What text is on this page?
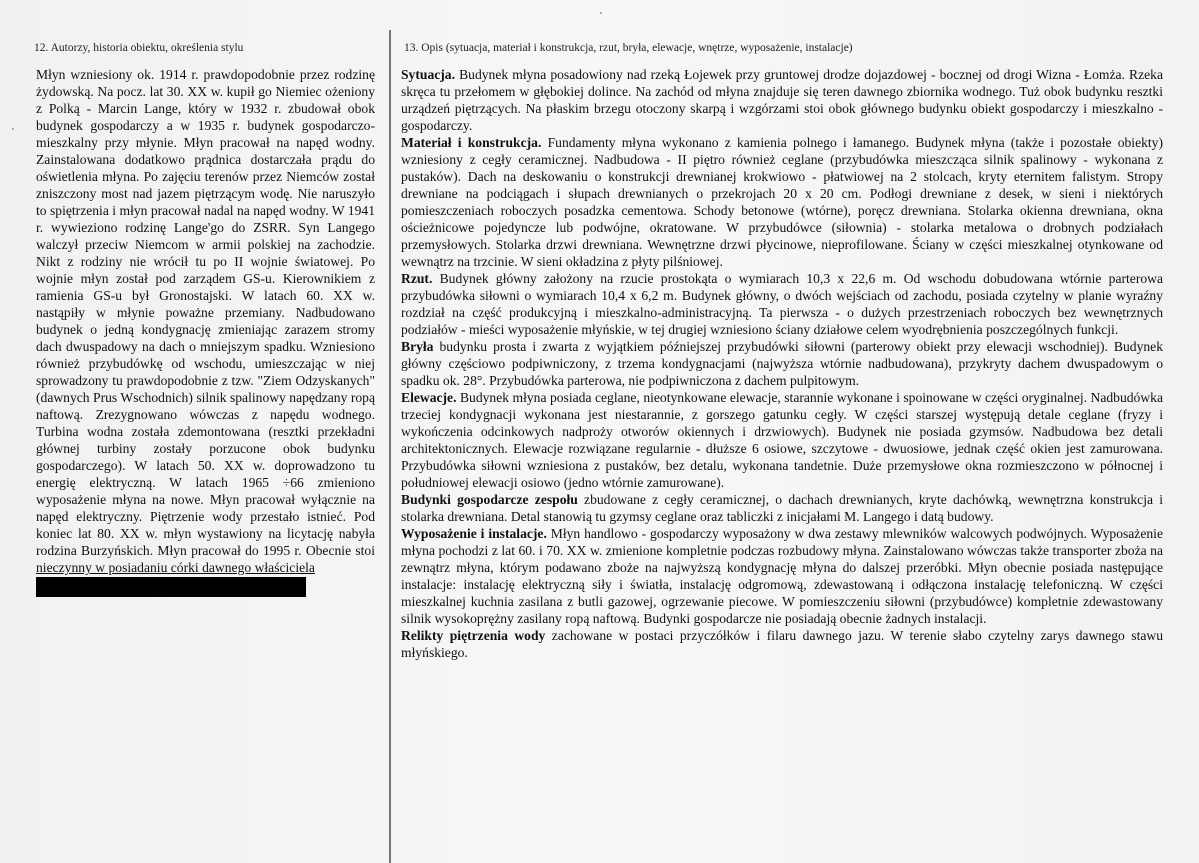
12. Autorzy, historia obiektu, określenia stylu	13. Opis (sytuacja, materiał i konstrukcja, rzut, bryła, elewacje, wnętrze, wyposażenie, instalacje)

Młyn wzniesiony ok. 1914 r. prawdopodobnie przez rodzinę żydowską. Na pocz. lat 30. XX w. kupił go Niemiec ożeniony z Polką - Marcin Lange, który w 1932 r. zbudował obok budynek gospodarczy a w 1935 r. budynek gospodarczo-mieszkalny przy młynie. Młyn pracował na napęd wodny. Zainstalowana dodatkowo prądnica dostarczała prądu do oświetlenia młyna. Po zajęciu terenów przez Niemców został zniszczony most nad jazem piętrzącym wodę. Nie naruszyło to spiętrzenia i młyn pracował nadal na napęd wodny. W 1941 r. wywieziono rodzinę Lange'go do ZSRR. Syn Langego walczył przeciw Niemcom w armii polskiej na zachodzie. Nikt z rodziny nie wrócił tu po II wojnie światowej. Po wojnie młyn został pod zarządem GS-u. Kierownikiem z ramienia GS-u był Gronostajski. W latach 60. XX w. nastąpiły w młynie poważne przemiany. Nadbudowano budynek o jedną kondygnację zmieniając zarazem stromy dach dwuspadowy na dach o mniejszym spadku. Wzniesiono również przybudówkę od wschodu, umieszczając w niej sprowadzony tu prawdopodobnie z tzw. "Ziem Odzyskanych" (dawnych Prus Wschodnich) silnik spalinowy napędzany ropą naftową. Zrezygnowano wówczas z napędu wodnego. Turbina wodna została zdemontowana (resztki przekładni głównej turbiny zostały porzucone obok budynku gospodarczego). W latach 50. XX w. doprowadzono tu energię elektryczną. W latach 1965 ÷66 zmieniono wyposażenie młyna na nowe. Młyn pracował wyłącznie na napęd elektryczny. Piętrzenie wody przestało istnieć. Pod koniec lat 80. XX w. młyn wystawiony na licytację nabyła rodzina Burzyńskich. Młyn pracował do 1995 r. Obecnie stoi nieczynny w posiadaniu córki dawnego właściciela

Sytuacja. Budynek młyna posadowiony nad rzeką Łojewek przy gruntowej drodze dojazdowej - bocznej od drogi Wizna - Łomża. Rzeka skręca tu przełomem w głębokiej dolince. Na zachód od młyna znajduje się teren dawnego zbiornika wodnego. Tuż obok budynku resztki urządzeń piętrzących. Na płaskim brzegu otoczony skarpą i wzgórzami stoi obok głównego budynku obiekt gospodarczy i mieszkalno - gospodarczy.

Materiał i konstrukcja. Fundamenty młyna wykonano z kamienia polnego i łamanego. Budynek młyna (także i pozostałe obiekty) wzniesiony z cegły ceramicznej. Nadbudowa - II piętro również ceglane (przybudówka mieszcząca silnik spalinowy - wykonana z pustaków). Dach na deskowaniu o konstrukcji drewnianej krokwiowo - płatwiowej na 2 stolcach, kryty eternitem falistym. Stropy drewniane na podciągach i słupach drewnianych o przekrojach 20 x 20 cm. Podłogi drewniane z desek, w sieni i niektórych pomieszczeniach roboczych posadzka cementowa. Schody betonowe (wtórne), poręcz drewniana. Stolarka okienna drewniana, okna ościeżnicowe pojedyncze lub podwójne, okratowane. W przybudówce (siłownia) - stolarka metalowa o drobnych podziałach przemysłowych. Stolarka drzwi drewniana. Wewnętrzne drzwi płycinowe, nieprofilowane. Ściany w części mieszkalnej otynkowane od wewnątrz na trzcinie. W sieni okładzina z płyty pilśniowej.

Rzut. Budynek główny założony na rzucie prostokąta o wymiarach 10,3 x 22,6 m. Od wschodu dobudowana wtórnie parterowa przybudówka siłowni o wymiarach 10,4 x 6,2 m. Budynek główny, o dwóch wejściach od zachodu, posiada czytelny w planie wyraźny rozdział na część produkcyjną i mieszkalno-administracyjną. Ta pierwsza - o dużych przestrzeniach roboczych bez wewnętrznych podziałów - mieści wyposażenie młyńskie, w tej drugiej wzniesiono ściany działowe celem wyodrębnienia poszczególnych funkcji.

Bryła budynku prosta i zwarta z wyjątkiem późniejszej przybudówki siłowni (parterowy obiekt przy elewacji wschodniej). Budynek główny częściowo podpiwniczony, z trzema kondygnacjami (najwyższa wtórnie nadbudowana), przykryty dachem dwuspadowym o spadku ok. 28°. Przybudówka parterowa, nie podpiwniczona z dachem pulpitowym.

Elewacje. Budynek młyna posiada ceglane, nieotynkowane elewacje, starannie wykonane i spoinowane w części oryginalnej. Nadbudówka trzeciej kondygnacji wykonana jest niestarannie, z gorszego gatunku cegły. W części starszej występują detale ceglane (fryzy i wykończenia odcinkowych nadproży otworów okiennych i drzwiowych). Budynek nie posiada gzymsów. Nadbudowa bez detali architektonicznych. Elewacje rozwiązane regularnie - dłuższe 6 osiowe, szczytowe - dwuosiowe, jednak część okien jest zamurowana. Przybudówka siłowni wzniesiona z pustaków, bez detalu, wykonana tandetnie. Duże przemysłowe okna rozmieszczono w północnej i południowej elewacji osiowo (jedno wtórnie zamurowane).

Budynki gospodarcze zespołu zbudowane z cegły ceramicznej, o dachach drewnianych, kryte dachówką, wewnętrzna konstrukcja i stolarka drewniana. Detal stanowią tu gzymsy ceglane oraz tabliczki z inicjałami M. Langego i datą budowy.

Wyposażenie i instalacje. Młyn handlowo - gospodarczy wyposażony w dwa zestawy mlewników walcowych podwójnych. Wyposażenie młyna pochodzi z lat 60. i 70. XX w. zmienione kompletnie podczas rozbudowy młyna. Zainstalowano wówczas także transporter zboża na zewnątrz młyna, którym podawano zboże na najwyższą kondygnację młyna do dalszej przeróbki. Młyn obecnie posiada następujące instalacje: instalację elektryczną siły i światła, instalację odgromową, zdewastowaną i odłączona instalację telefoniczną. W części mieszkalnej kuchnia zasilana z butli gazowej, ogrzewanie piecowe. W pomieszczeniu siłowni (przybudówce) kompletnie zdewastowany silnik wysokoprężny zasilany ropą naftową. Budynki gospodarcze nie posiadają obecnie żadnych instalacji.

Relikty piętrzenia wody zachowane w postaci przyczółków i filaru dawnego jazu. W terenie słabo czytelny zarys dawnego stawu młyńskiego.
